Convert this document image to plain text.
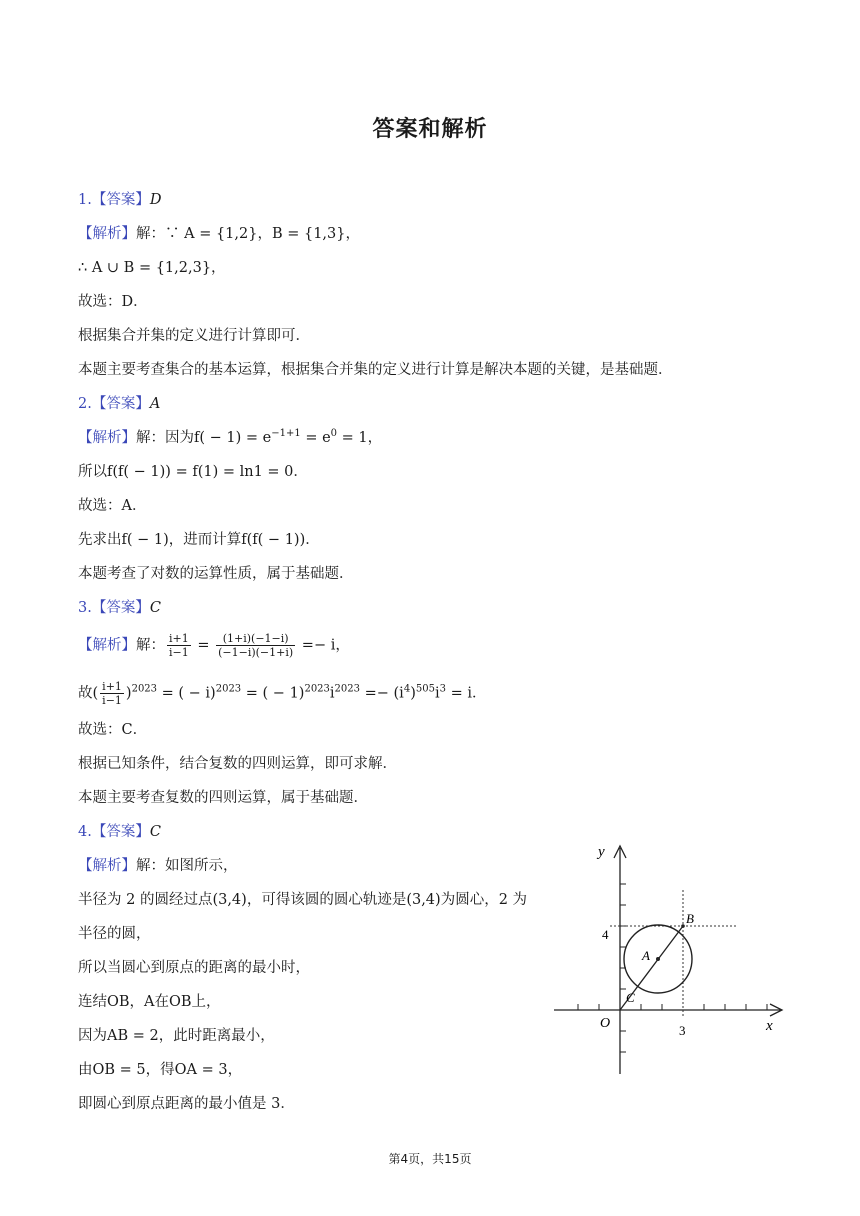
答案和解析
1.【答案】D
【解析】解：∵ A = {1,2}，B = {1,3}，
∴ A ∪ B = {1,2,3}，
故选：D．
根据集合并集的定义进行计算即可．
本题主要考查集合的基本运算，根据集合并集的定义进行计算是解决本题的关键，是基础题．
2.【答案】A
【解析】解：因为$f( - 1) = e^{-1+1} = e^0 = 1$，
所以f(f( − 1)) = f(1) = ln1 = 0．
故选：A．
先求出f( − 1)，进而计算f(f( − 1))．
本题考查了对数的运算性质，属于基础题．
3.【答案】C
【解析】解： $\frac{i+1}{i-1} = \frac{(1+i)(-1-i)}{(-1-i)(-1+i)} =- i$，
故( $\frac{i+1}{i-1} )^{2023}$ = ( − i)$^{2023}$ = ( − $1)^{2023}i^{2023} =- (i^4)^{505}i^3 = i$．
故选：C．
根据已知条件，结合复数的四则运算，即可求解．
本题主要考查复数的四则运算，属于基础题．
4.【答案】C
【解析】解：如图所示，
半径为 2 的圆经过点(3,4)，可得该圆的圆心轨迹是(3,4)为圆心，2 为
半径的圆，
所以当圆心到原点的距离的最小时，
连结OB，A在OB上，
因为AB = 2，此时距离最小，
由OB = 5，得OA = 3，
即圆心到原点距离的最小值是 3．
y
x
O	3
4
A
B
C
第4页，共15页
